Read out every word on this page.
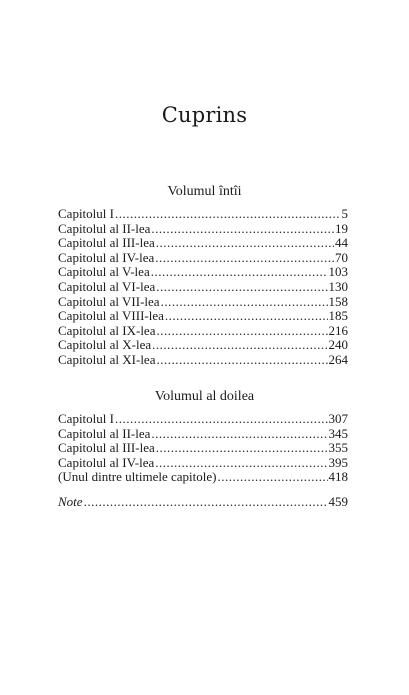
Cuprins
Volumul întîi
Capitolul I .....	5
Capitolul al II-lea .....	19
Capitolul al III-lea .....	44
Capitolul al IV-lea .....	70
Capitolul al V-lea .....	103
Capitolul al VI-lea .....	130
Capitolul al VII-lea .....	158
Capitolul al VIII-lea .....	185
Capitolul al IX-lea .....	216
Capitolul al X-lea .....	240
Capitolul al XI-lea .....	264
Volumul al doilea
Capitolul I .....	307
Capitolul al II-lea .....	345
Capitolul al III-lea .....	355
Capitolul al IV-lea .....	395
(Unul dintre ultimele capitole) .....	418
Note .....	459
